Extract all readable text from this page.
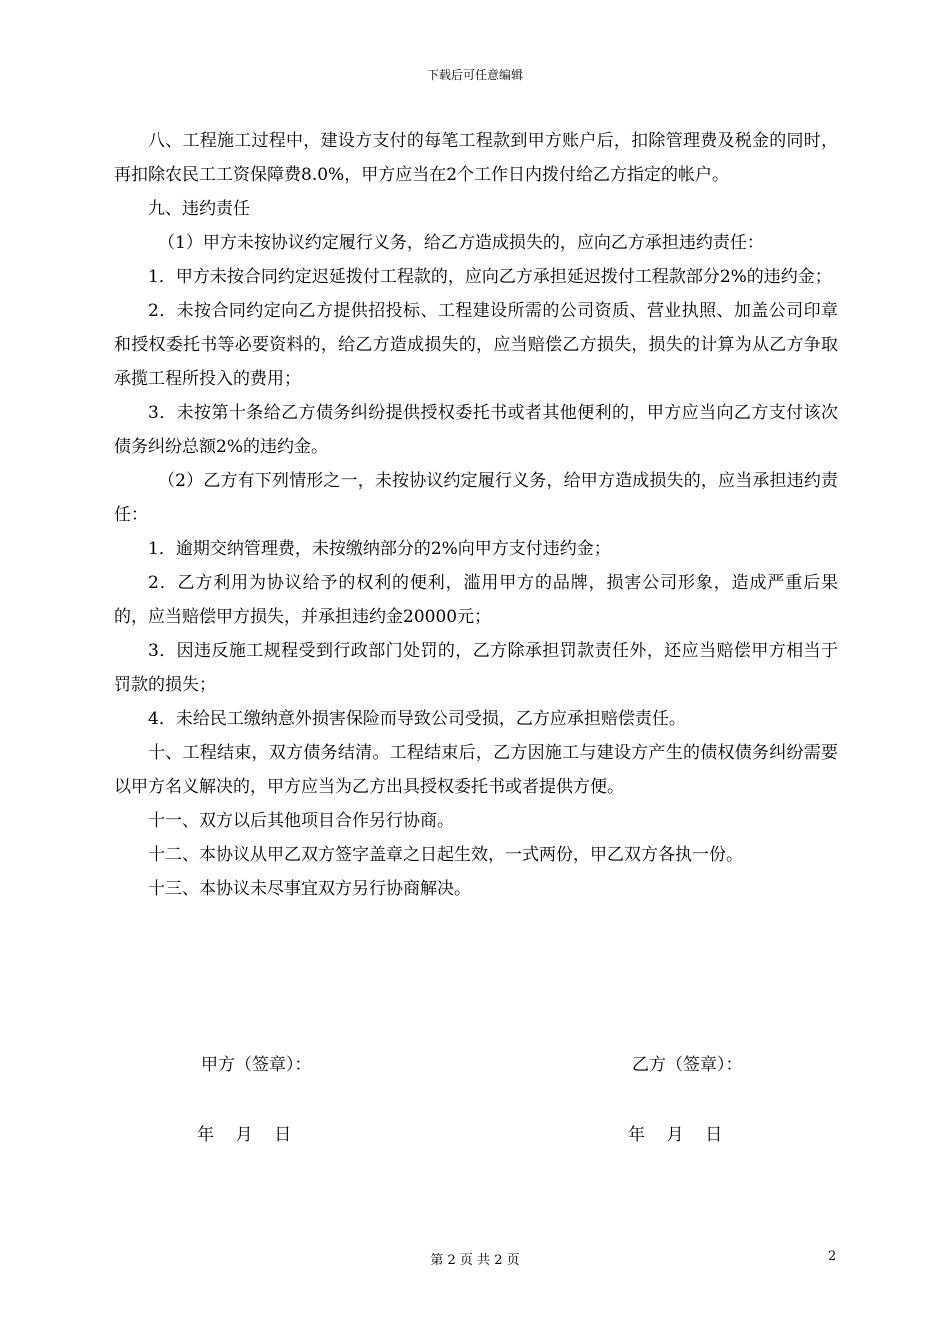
下载后可任意编辑

八、工程施工过程中，建设方支付的每笔工程款到甲方账户后，扣除管理费及税金的同时，再扣除农民工工资保障费8.0%，甲方应当在2个工作日内拨付给乙方指定的帐户。

九、违约责任

（1）甲方未按协议约定履行义务，给乙方造成损失的，应向乙方承担违约责任：

1．甲方未按合同约定迟延拨付工程款的，应向乙方承担延迟拨付工程款部分2%的违约金；

2．未按合同约定向乙方提供招投标、工程建设所需的公司资质、营业执照、加盖公司印章和授权委托书等必要资料的，给乙方造成损失的，应当赔偿乙方损失，损失的计算为从乙方争取承揽工程所投入的费用；

3．未按第十条给乙方债务纠纷提供授权委托书或者其他便利的，甲方应当向乙方支付该次债务纠纷总额2%的违约金。

（2）乙方有下列情形之一，未按协议约定履行义务，给甲方造成损失的，应当承担违约责任：

1．逾期交纳管理费，未按缴纳部分的2%向甲方支付违约金；

2．乙方利用为协议给予的权利的便利，滥用甲方的品牌，损害公司形象，造成严重后果的，应当赔偿甲方损失，并承担违约金20000元；

3．因违反施工规程受到行政部门处罚的，乙方除承担罚款责任外，还应当赔偿甲方相当于罚款的损失；

4．未给民工缴纳意外损害保险而导致公司受损，乙方应承担赔偿责任。

十、工程结束，双方债务结清。工程结束后，乙方因施工与建设方产生的债权债务纠纷需要以甲方名义解决的，甲方应当为乙方出具授权委托书或者提供方便。

十一、双方以后其他项目合作另行协商。

十二、本协议从甲乙双方签字盖章之日起生效，一式两份，甲乙双方各执一份。

十三、本协议未尽事宜双方另行协商解决。

甲方（签章）：	乙方（签章）：
年    月    日	年    月    日
第 2 页 共 2 页	2
